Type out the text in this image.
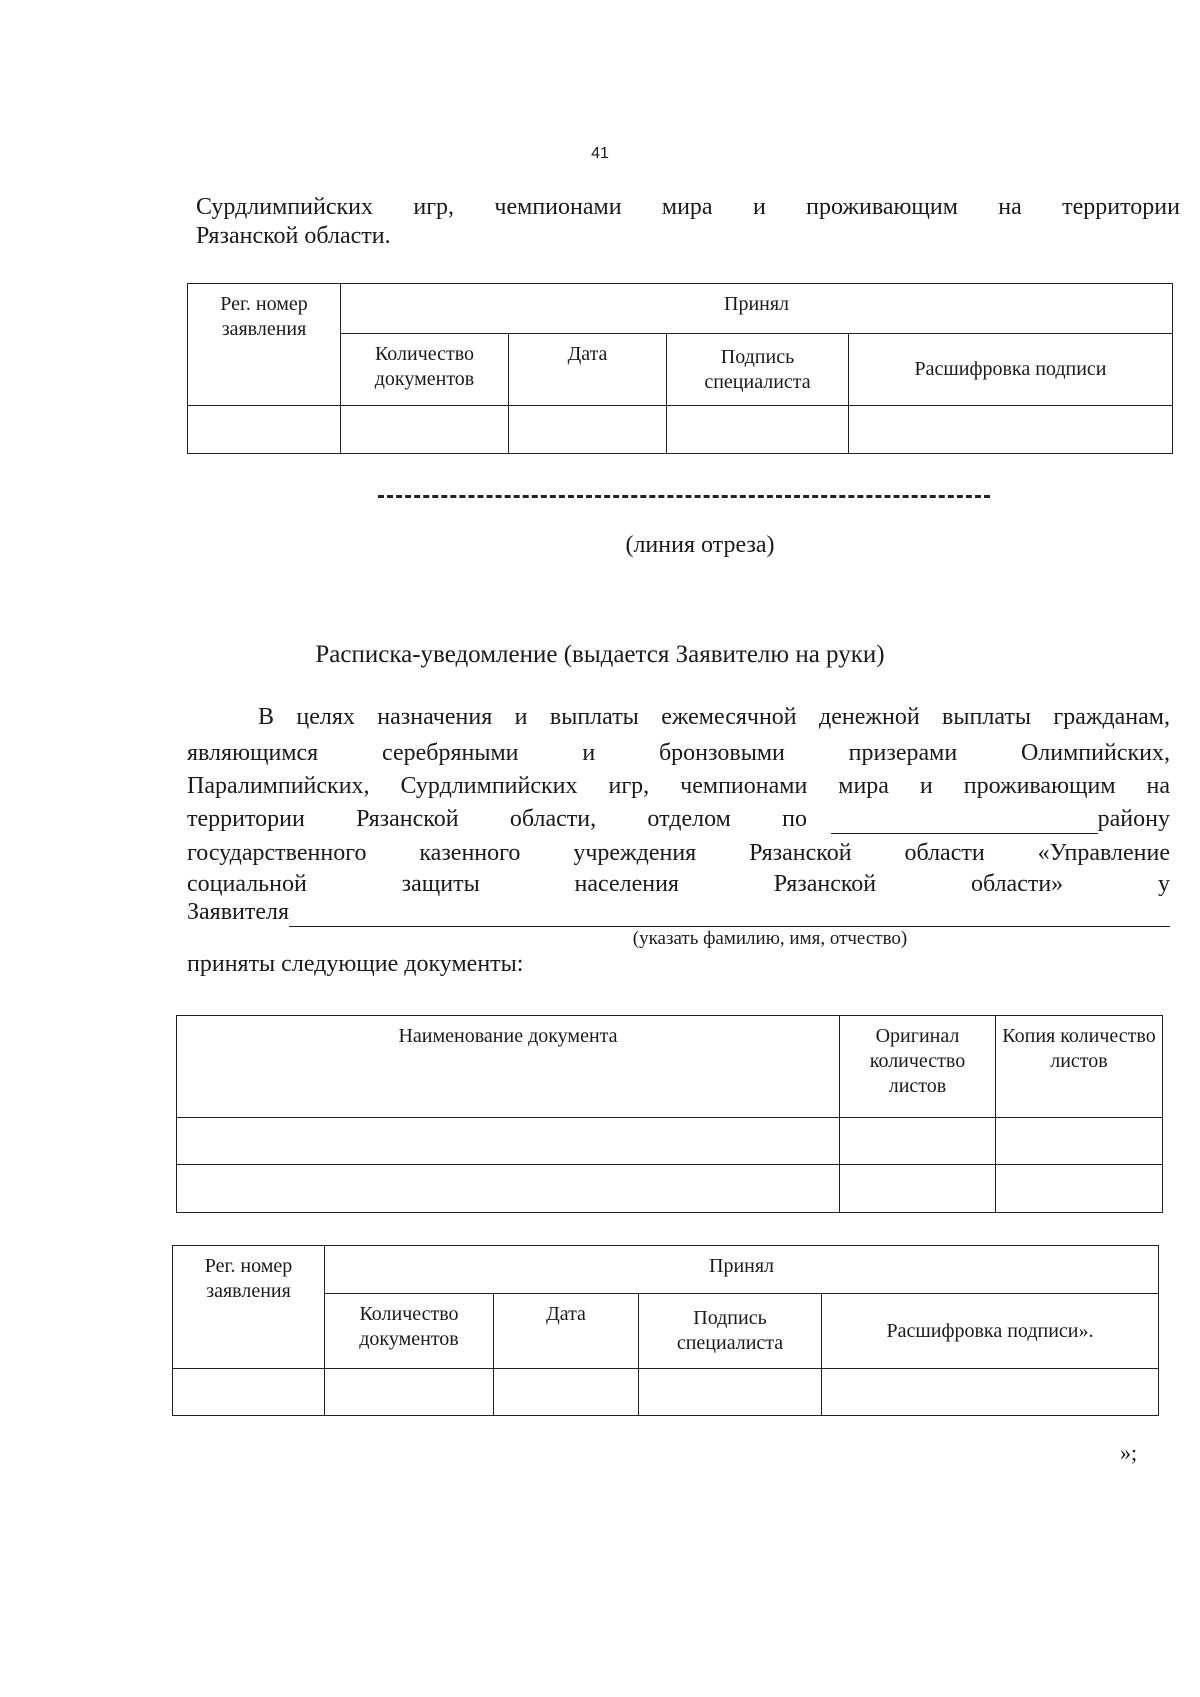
41
Сурдлимпийских игр, чемпионами мира и проживающим на территории
Рязанской области.
Рег. номер заявления	Принял			
	Количество документов	Дата	Подпись специалиста	Расшифровка подписи

(линия отреза)
Расписка-уведомление (выдается Заявителю на руки)
В целях назначения и выплаты ежемесячной денежной выплаты гражданам,
являющимся серебряными и бронзовыми призерами Олимпийских,
Паралимпийских, Сурдлимпийских игр, чемпионами мира и проживающим на
территории Рязанской области, отделом по	району
государственного казенного учреждения Рязанской области «Управление
социальной защиты населения Рязанской области» у
Заявителя
(указать фамилию, имя, отчество)
приняты следующие документы:
Наименование документа	Оригинал количество листов	Копия количество листов

Рег. номер заявления	Принял			
	Количество документов	Дата	Подпись специалиста	Расшифровка подписи».

»;
